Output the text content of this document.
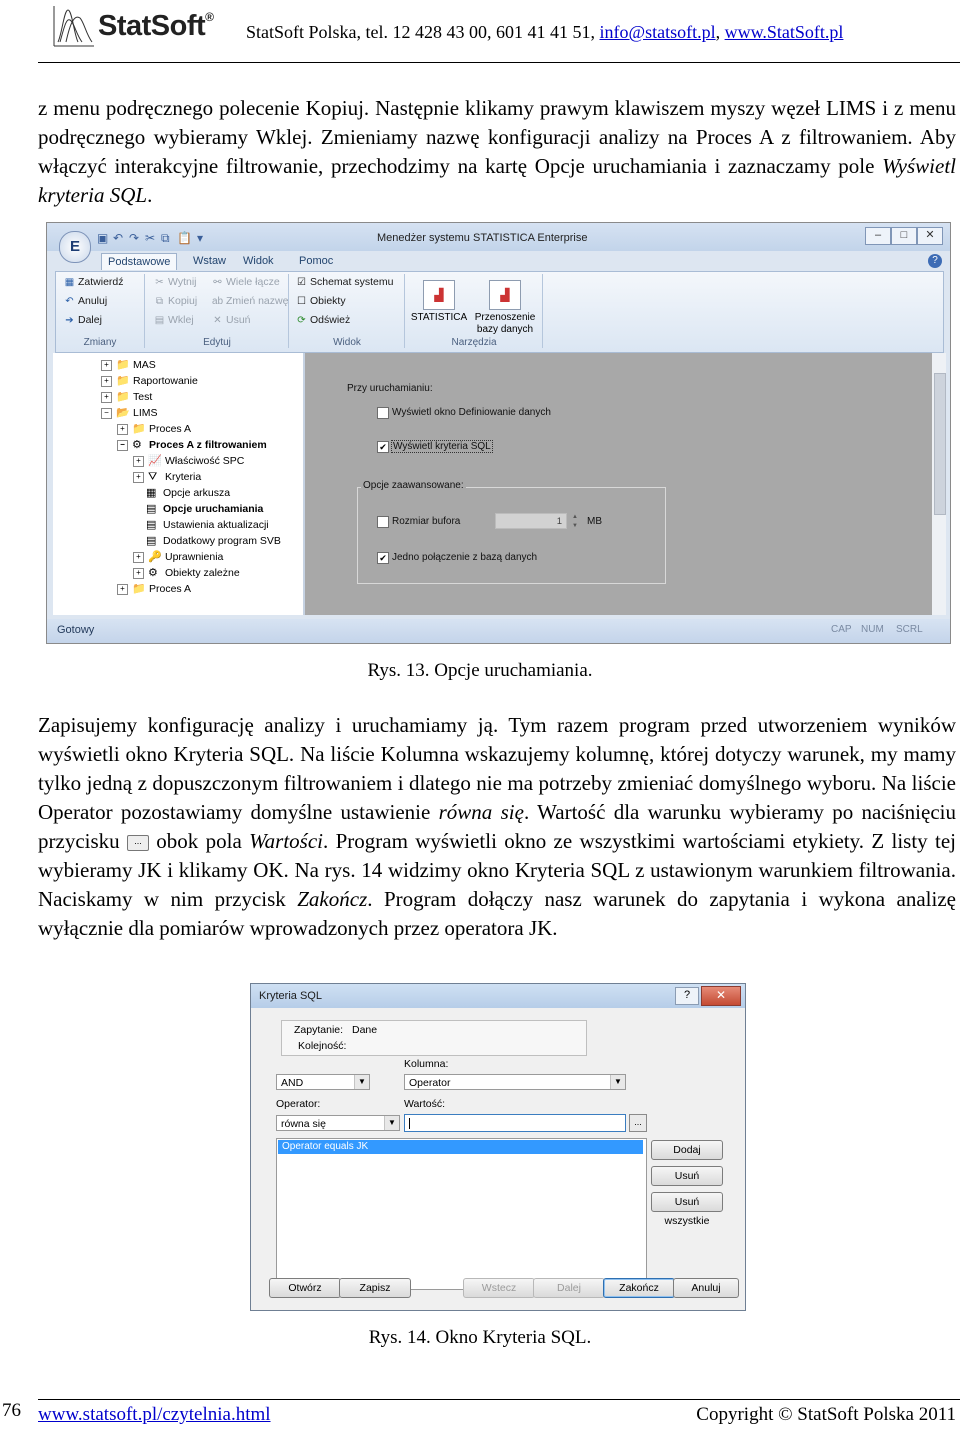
StatSoft®
StatSoft Polska, tel. 12 428 43 00, 601 41 41 51, info@statsoft.pl, www.StatSoft.pl
z menu podręcznego polecenie Kopiuj. Następnie klikamy prawym klawiszem myszy węzeł LIMS i z menu podręcznego wybieramy Wklej. Zmieniamy nazwę konfiguracji analizy na Proces A z filtrowaniem. Aby włączyć interakcyjne filtrowanie, przechodzimy na kartę Opcje uruchamiania i zaznaczamy pole Wyświetl kryteria SQL.
▣ ↶ ↷ ✂ ⧉ 📋 ▾	Menedżer systemu STATISTICA Enterprise	–	□	✕
E
Podstawowe	Wstaw	Widok	Pomoc	?
▦ Zatwierdź
↶ Anuluj
➔ Dalej
Zmiany
✂ Wytnij
⧉ Kopiuj
▤ Wklej
⚯ Wiele łącze
ab Zmień nazwę
✕ Usuń
Edytuj
☑ Schemat systemu
☐ Obiekty
⟳ Odśwież
Widok
▟
STATISTICA
▟
Przenoszenie bazy danych
Narzędzia
+ 📁 MAS
+ 📁 Raportowanie
+ 📁 Test
− 📂 LIMS
+ 📁 Proces A
− ⚙ Proces A z filtrowaniem
+ 📈 Właściwość SPC
+ ⛛ Kryteria
▦ Opcje arkusza
▤ Opcje uruchamiania
▤ Ustawienia aktualizacji
▤ Dodatkowy program SVB
+ 🔑 Uprawnienia
+ ⚙ Obiekty zależne
+ 📁 Proces A
Przy uruchamianiu:
Wyświetl okno Definiowanie danych
✔ Wyświetl kryteria SQL
Opcje zaawansowane:
Rozmiar bufora	1	▲
▼ MB
✔ Jedno połączenie z bazą danych
Gotowy	CAP NUM SCRL
Rys. 13. Opcje uruchamiania.
Zapisujemy konfigurację analizy i uruchamiamy ją. Tym razem program przed utworzeniem wyników wyświetli okno Kryteria SQL. Na liście Kolumna wskazujemy kolumnę, której dotyczy warunek, my mamy tylko jedną z dopuszczonym filtrowaniem i dlatego nie ma potrzeby zmieniać domyślnego wyboru. Na liście Operator pozostawiamy domyślne ustawienie równa się. Wartość dla warunku wybieramy po naciśnięciu przycisku ... obok pola Wartości. Program wyświetli okno ze wszystkimi wartościami etykiety. Z listy tej wybieramy JK i klikamy OK. Na rys. 14 widzimy okno Kryteria SQL z ustawionym warunkiem filtrowania. Naciskamy w nim przycisk Zakończ. Program dołączy nasz warunek do zapytania i wykona analizę wyłącznie dla pomiarów wprowadzonych przez operatora JK.
Kryteria SQL	?	✕
Zapytanie: Dane
Kolejność:
Kolumna:
AND	▼	Operator	▼
Operator:	Wartość:
równa się	▼	...
Operator equals JK	Dodaj
Usuń
Usuń wszystkie
Otwórz	Zapisz	Wstecz	Dalej	Zakończ	Anuluj
Rys. 14. Okno Kryteria SQL.
76 www.statsoft.pl/czytelnia.html	Copyright © StatSoft Polska 2011
